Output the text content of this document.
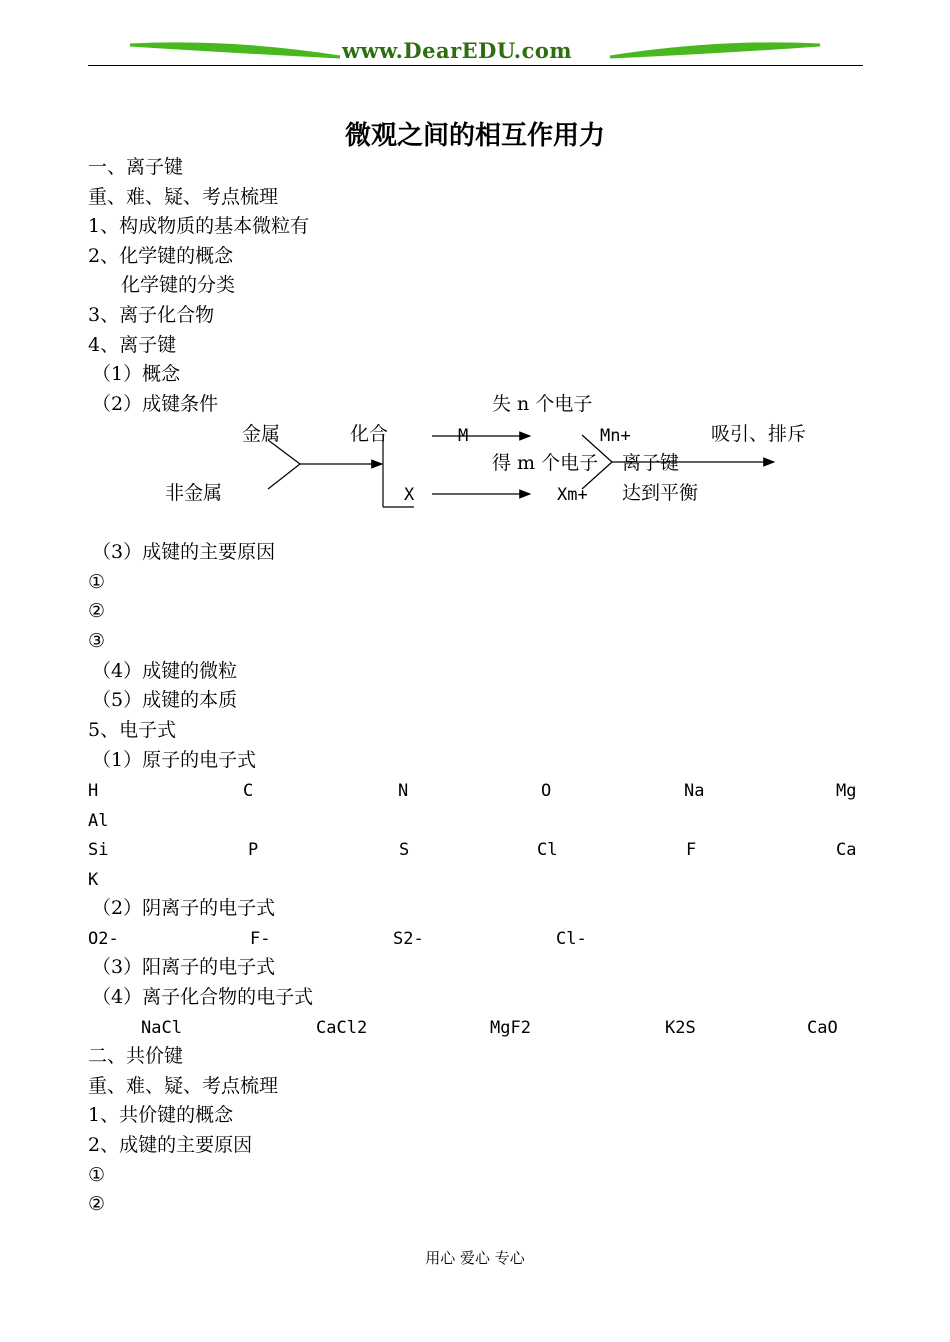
www.DearEDU.com
微观之间的相互作用力
一、离子键
重、难、疑、考点梳理
1、构成物质的基本微粒有
2、化学键的概念
化学键的分类
3、离子化合物
4、离子键
（1）概念
（2）成键条件	失 n 个电子
金属	化合	M	Mn+	吸引、排斥
得 m 个电子 离子键
非金属	X	Xm+ 达到平衡
（3）成键的主要原因
①
②
③
（4）成键的微粒
（5）成键的本质
5、电子式
（1）原子的电子式
H	C	N	O	Na	Mg
Al
Si	P	S	Cl	F	Ca
K
（2）阴离子的电子式
O2-	F-	S2-	Cl-
（3）阳离子的电子式
（4）离子化合物的电子式
NaCl	CaCl2	MgF2	K2S	CaO
二、共价键
重、难、疑、考点梳理
1、共价键的概念
2、成键的主要原因
①
②
用心 爱心 专心
